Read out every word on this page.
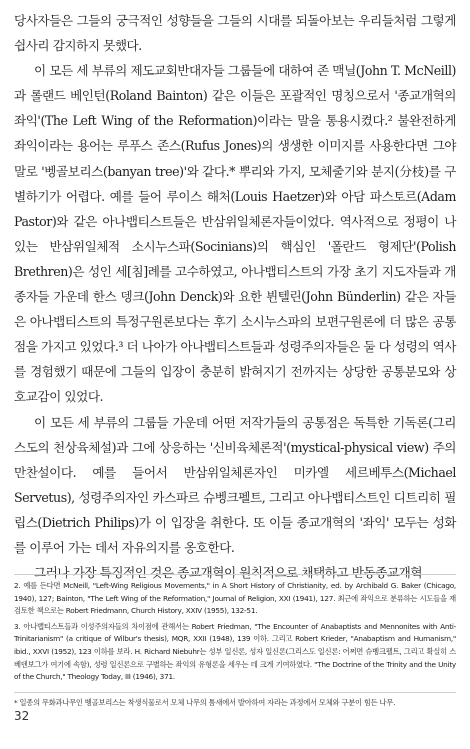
당사자들은 그들의 궁극적인 성향들을 그들의 시대를 되돌아보는 우리들처럼 그렇게 쉽사리 감지하지 못했다.

이 모든 세 부류의 제도교회반대자들 그룹들에 대하여 존 맥닐(John T. McNeill)과 롤랜드 베인턴(Roland Bainton) 같은 이들은 포괄적인 명칭으로서 '종교개혁의 좌익'(The Left Wing of the Reformation)이라는 말을 통용시켰다.² 불완전하게 좌익이라는 용어는 루푸스 존스(Rufus Jones)의 생생한 이미지를 사용한다면 그야말로 '벵골보리스(banyan tree)'와 같다.* 뿌리와 가지, 모체줄기와 분지(分枝)를 구별하기가 어렵다. 예를 들어 루이스 해처(Louis Haetzer)와 아담 파스토르(Adam Pastor)와 같은 아나뱁티스트들은 반삼위일체론자들이었다. 역사적으로 정평이 나있는 반삼위일체적 소시누스파(Socinians)의 핵심인 '폴란드 형제단'(Polish Brethren)은 성인 세[침]례를 고수하였고, 아나뱁티스트의 가장 초기 지도자들과 개종자들 가운데 한스 뎅크(John Denck)와 요한 뷘텔린(John Bünderlin) 같은 자들은 아나뱁티스트의 특정구원론보다는 후기 소시누스파의 보편구원론에 더 많은 공통점을 가지고 있었다.³ 더 나아가 아나뱁티스트들과 성령주의자들은 둘 다 성령의 역사를 경험했기 때문에 그들의 입장이 충분히 밝혀지기 전까지는 상당한 공통분모와 상호교감이 있었다.

이 모든 세 부류의 그룹들 가운데 어떤 저작가들의 공통점은 독특한 기독론(그리스도의 천상육체설)과 그에 상응하는 '신비육체론적'(mystical-physical view) 주의 만찬설이다. 예를 들어서 반삼위일체론자인 미카엘 세르베투스(Michael Servetus), 성령주의자인 카스파르 슈벵크펠트, 그리고 아나뱁티스트인 디트리히 필립스(Dietrich Philips)가 이 입장을 취한다. 또 이들 종교개혁의 '좌익' 모두는 성화를 이루어 가는 데서 자유의지를 옹호한다.

그러나 가장 특징적인 것은 종교개혁이 원칙적으로 채택하고 반동종교개혁

2. 예를 든다면 McNeill, "Left-Wing Religious Movements," in A Short History of Christianity, ed. by Archibald G. Baker (Chicago, 1940), 127; Bainton, "The Left Wing of the Reformation," Journal of Religion, XXI (1941), 127. 최근에 좌익으로 분류하는 시도들을 재검토한 책으로는 Robert Friedmann, Church History, XXIV (1955), 132-51.

3. 아나뱁티스트들과 이성주의자들의 차이점에 관해서는 Robert Friedman, "The Encounter of Anabaptists and Mennonites with Anti-Trinitarianism" (a critique of Wilbur's thesis), MQR, XXII (1948), 139 이하. 그리고 Robert Krieder, "Anabaptism and Humanism," ibid., XXVI (1952), 123 이하를 보라. H. Richard Niebuhr는 성부 일신론, 성자 일신론(그리스도 일신론: 어쩌면 슈벵크펠트, 그리고 확실히 스베덴보그가 여기에 속함), 성령 일신론으로 구별하는 좌익의 유형론을 세우는 데 크게 기여하였다. "The Doctrine of the Trinity and the Unity of the Church," Theology Today, III (1946), 371.

* 일종의 무화과나무인 벵골보리스는 착생식물로서 모체 나무의 틈새에서 발아하여 자라는 과정에서 모체와 구분이 힘든 나무.

32
